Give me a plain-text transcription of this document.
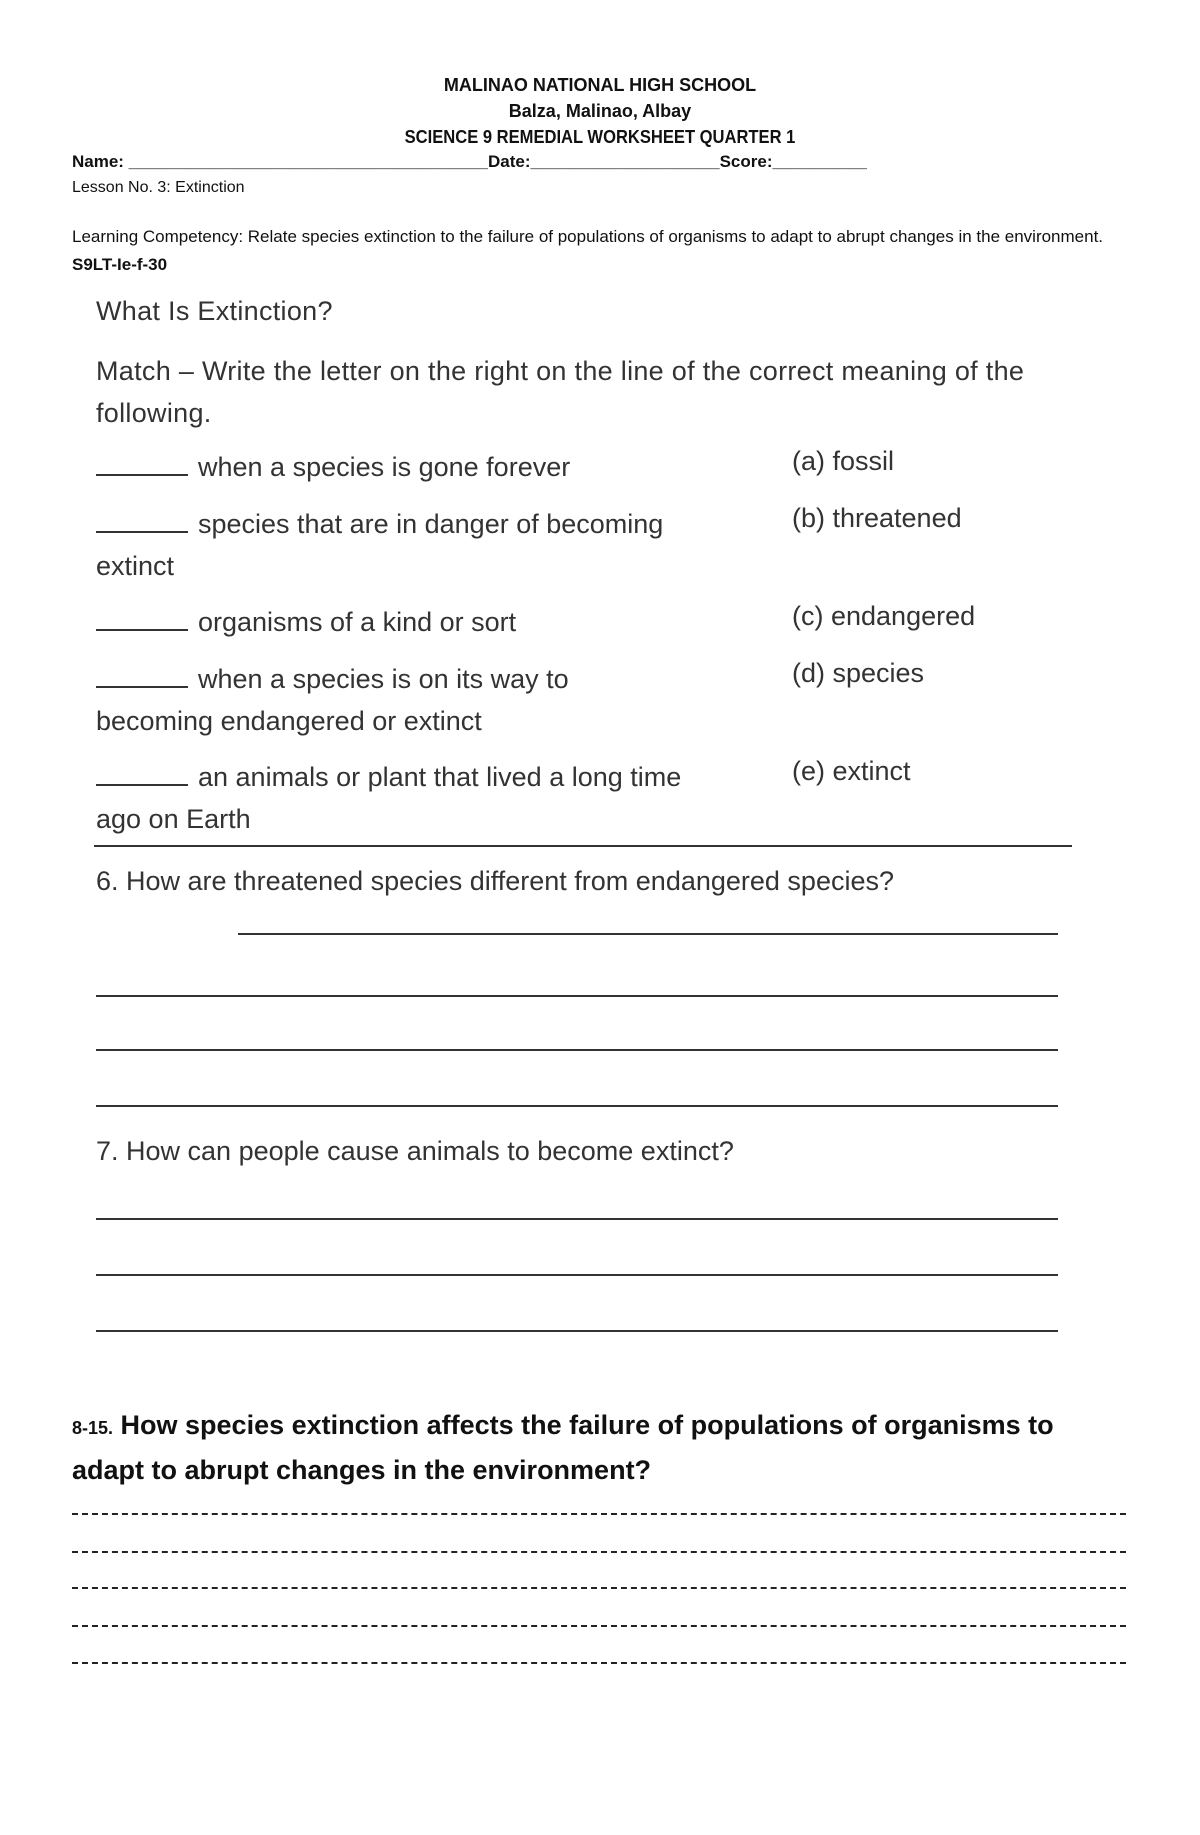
MALINAO NATIONAL HIGH SCHOOL
Balza, Malinao, Albay
SCIENCE 9 REMEDIAL WORKSHEET QUARTER 1
Name: ______________________________________ Date:____________________ Score:__________
Lesson No. 3: Extinction
Learning Competency: Relate species extinction to the failure of populations of organisms to adapt to abrupt changes in the environment. S9LT-Ie-f-30
What Is Extinction?
Match – Write the letter on the right on the line of the correct meaning of the following.
when a species is gone forever	(a) fossil
species that are in danger of becoming extinct
(b) threatened
organisms of a kind or sort	(c) endangered
when a species is on its way to becoming endangered or extinct
(d) species
an animals or plant that lived a long time ago on Earth
(e) extinct
6. How are threatened species different from endangered species?
7. How can people cause animals to become extinct?
8-15. How species extinction affects the failure of populations of organisms to adapt to abrupt changes in the environment?
